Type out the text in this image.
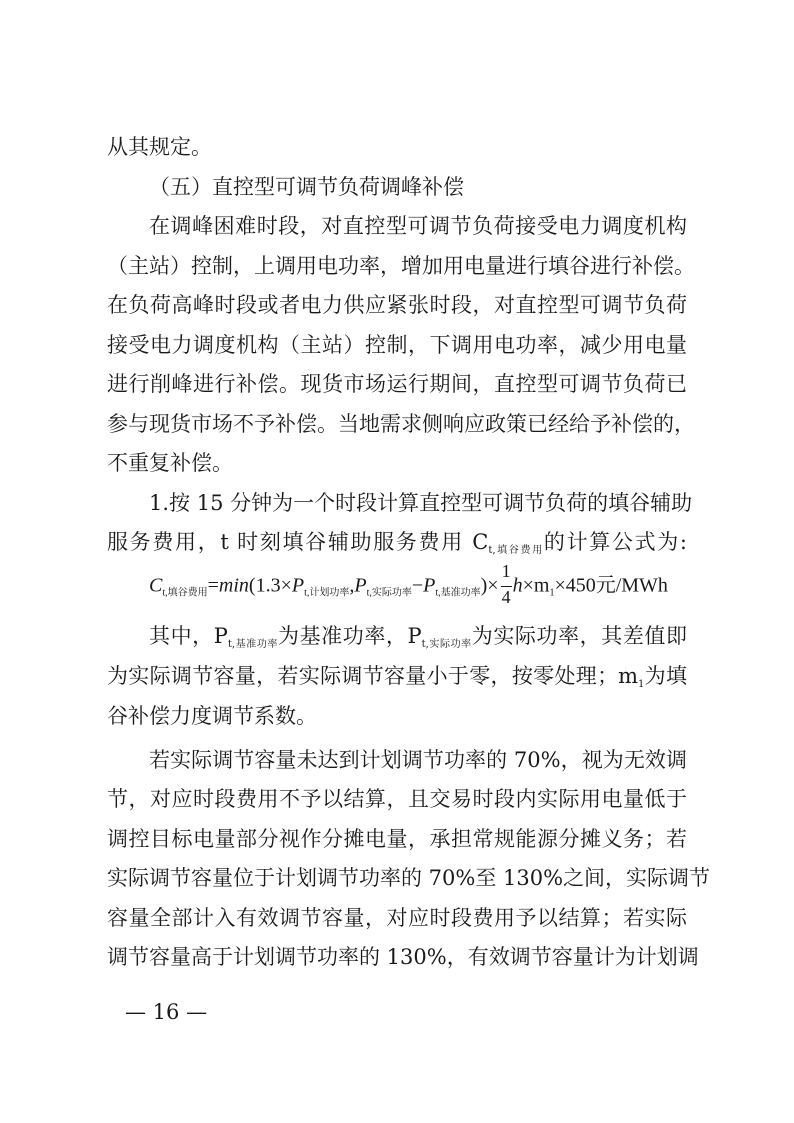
从其规定。
（五）直控型可调节负荷调峰补偿
在调峰困难时段，对直控型可调节负荷接受电力调度机构
（主站）控制，上调用电功率，增加用电量进行填谷进行补偿。
在负荷高峰时段或者电力供应紧张时段，对直控型可调节负荷
接受电力调度机构（主站）控制，下调用电功率，减少用电量
进行削峰进行补偿。现货市场运行期间，直控型可调节负荷已
参与现货市场不予补偿。当地需求侧响应政策已经给予补偿的，
不重复补偿。
1.按 15 分钟为一个时段计算直控型可调节负荷的填谷辅助
服务费用，t 时刻填谷辅助服务费用 $C_{t,填谷费用}$的计算公式为:
$C_{t,填谷费用}=\min(1.3\times P_{t,计划功率},P_{t,实际功率}-P_{t,基准功率})\times \frac{1}{4} h\times m_1\times 450$元/MWh
其中，$P_{t,基准功率}$为基准功率，$P_{t,实际功率}$为实际功率，其差值即
为实际调节容量，若实际调节容量小于零，按零处理；$m_1$为填
谷补偿力度调节系数。
若实际调节容量未达到计划调节功率的 70%，视为无效调
节，对应时段费用不予以结算，且交易时段内实际用电量低于
调控目标电量部分视作分摊电量，承担常规能源分摊义务；若
实际调节容量位于计划调节功率的 70%至 130%之间，实际调节
容量全部计入有效调节容量，对应时段费用予以结算；若实际
调节容量高于计划调节功率的 130%，有效调节容量计为计划调
— 16 —
